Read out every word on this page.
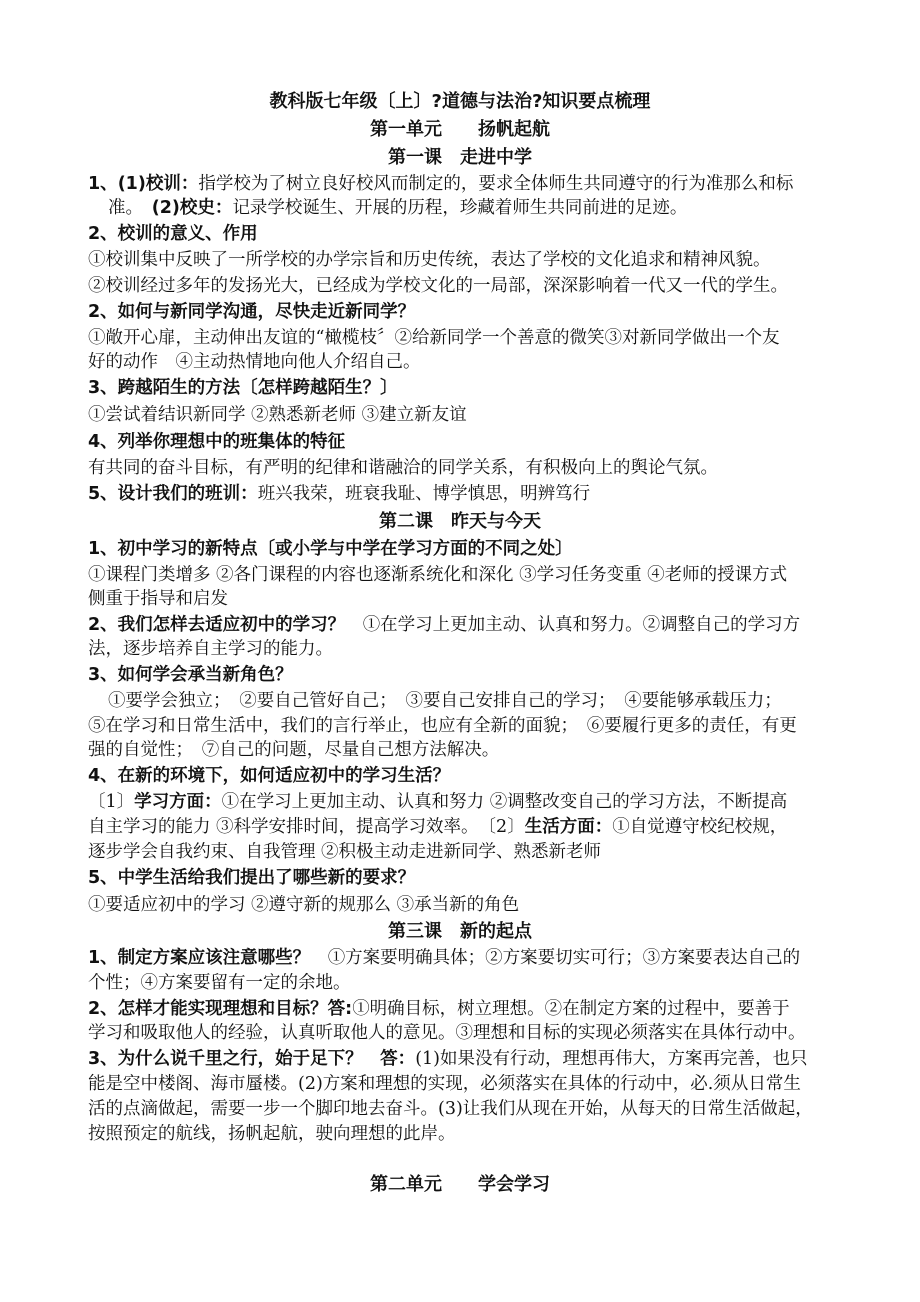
教科版七年级〔上〕?道德与法治?知识要点梳理
第一单元　　扬帆起航
第一课　走进中学
1、(1)校训：指学校为了树立良好校风而制定的，要求全体师生共同遵守的行为准那么和标
准。　(2)校史：记录学校诞生、开展的历程，珍藏着师生共同前进的足迹。
2、校训的意义、作用
①校训集中反映了一所学校的办学宗旨和历史传统，表达了学校的文化追求和精神风貌。
②校训经过多年的发扬光大，已经成为学校文化的一局部，深深影响着一代又一代的学生。
2、如何与新同学沟通，尽快走近新同学？
①敞开心扉，主动伸出友谊的“橄榄枝〞②给新同学一个善意的微笑③对新同学做出一个友
好的动作　④主动热情地向他人介绍自己。
3、跨越陌生的方法〔怎样跨越陌生？〕
①尝试着结识新同学 ②熟悉新老师 ③建立新友谊
4、列举你理想中的班集体的特征
有共同的奋斗目标，有严明的纪律和谐融洽的同学关系，有积极向上的舆论气氛。
5、设计我们的班训：班兴我荣，班衰我耻、博学慎思，明辨笃行
第二课　昨天与今天
1、初中学习的新特点〔或小学与中学在学习方面的不同之处〕
①课程门类增多 ②各门课程的内容也逐渐系统化和深化 ③学习任务变重 ④老师的授课方式
侧重于指导和启发
2、我们怎样去适应初中的学习？　 ①在学习上更加主动、认真和努力。②调整自己的学习方
法，逐步培养自主学习的能力。
3、如何学会承当新角色？
①要学会独立；　②要自己管好自己；　③要自己安排自己的学习；　④要能够承载压力；
⑤在学习和日常生活中，我们的言行举止，也应有全新的面貌；　⑥要履行更多的责任，有更
强的自觉性；　⑦自己的问题，尽量自己想方法解决。
4、在新的环境下，如何适应初中的学习生活？
〔1〕学习方面：①在学习上更加主动、认真和努力 ②调整改变自己的学习方法，不断提高
自主学习的能力 ③科学安排时间，提高学习效率。　〔2〕生活方面：①自觉遵守校纪校规，
逐步学会自我约束、自我管理 ②积极主动走进新同学、熟悉新老师
5、中学生活给我们提出了哪些新的要求？
①要适应初中的学习 ②遵守新的规那么 ③承当新的角色
第三课　新的起点
1、制定方案应该注意哪些？　 ①方案要明确具体；②方案要切实可行；③方案要表达自己的
个性；④方案要留有一定的余地。
2、怎样才能实现理想和目标？答:①明确目标，树立理想。②在制定方案的过程中，要善于
学习和吸取他人的经验，认真听取他人的意见。③理想和目标的实现必须落实在具体行动中。
3、为什么说千里之行，始于足下？　答：(1)如果没有行动，理想再伟大，方案再完善，也只
能是空中楼阁、海市蜃楼。(2)方案和理想的实现，必须落实在具体的行动中，必.须从日常生
活的点滴做起，需要一步一个脚印地去奋斗。(3)让我们从现在开始，从每天的日常生活做起，
按照预定的航线，扬帆起航，驶向理想的此岸。
第二单元　　学会学习
